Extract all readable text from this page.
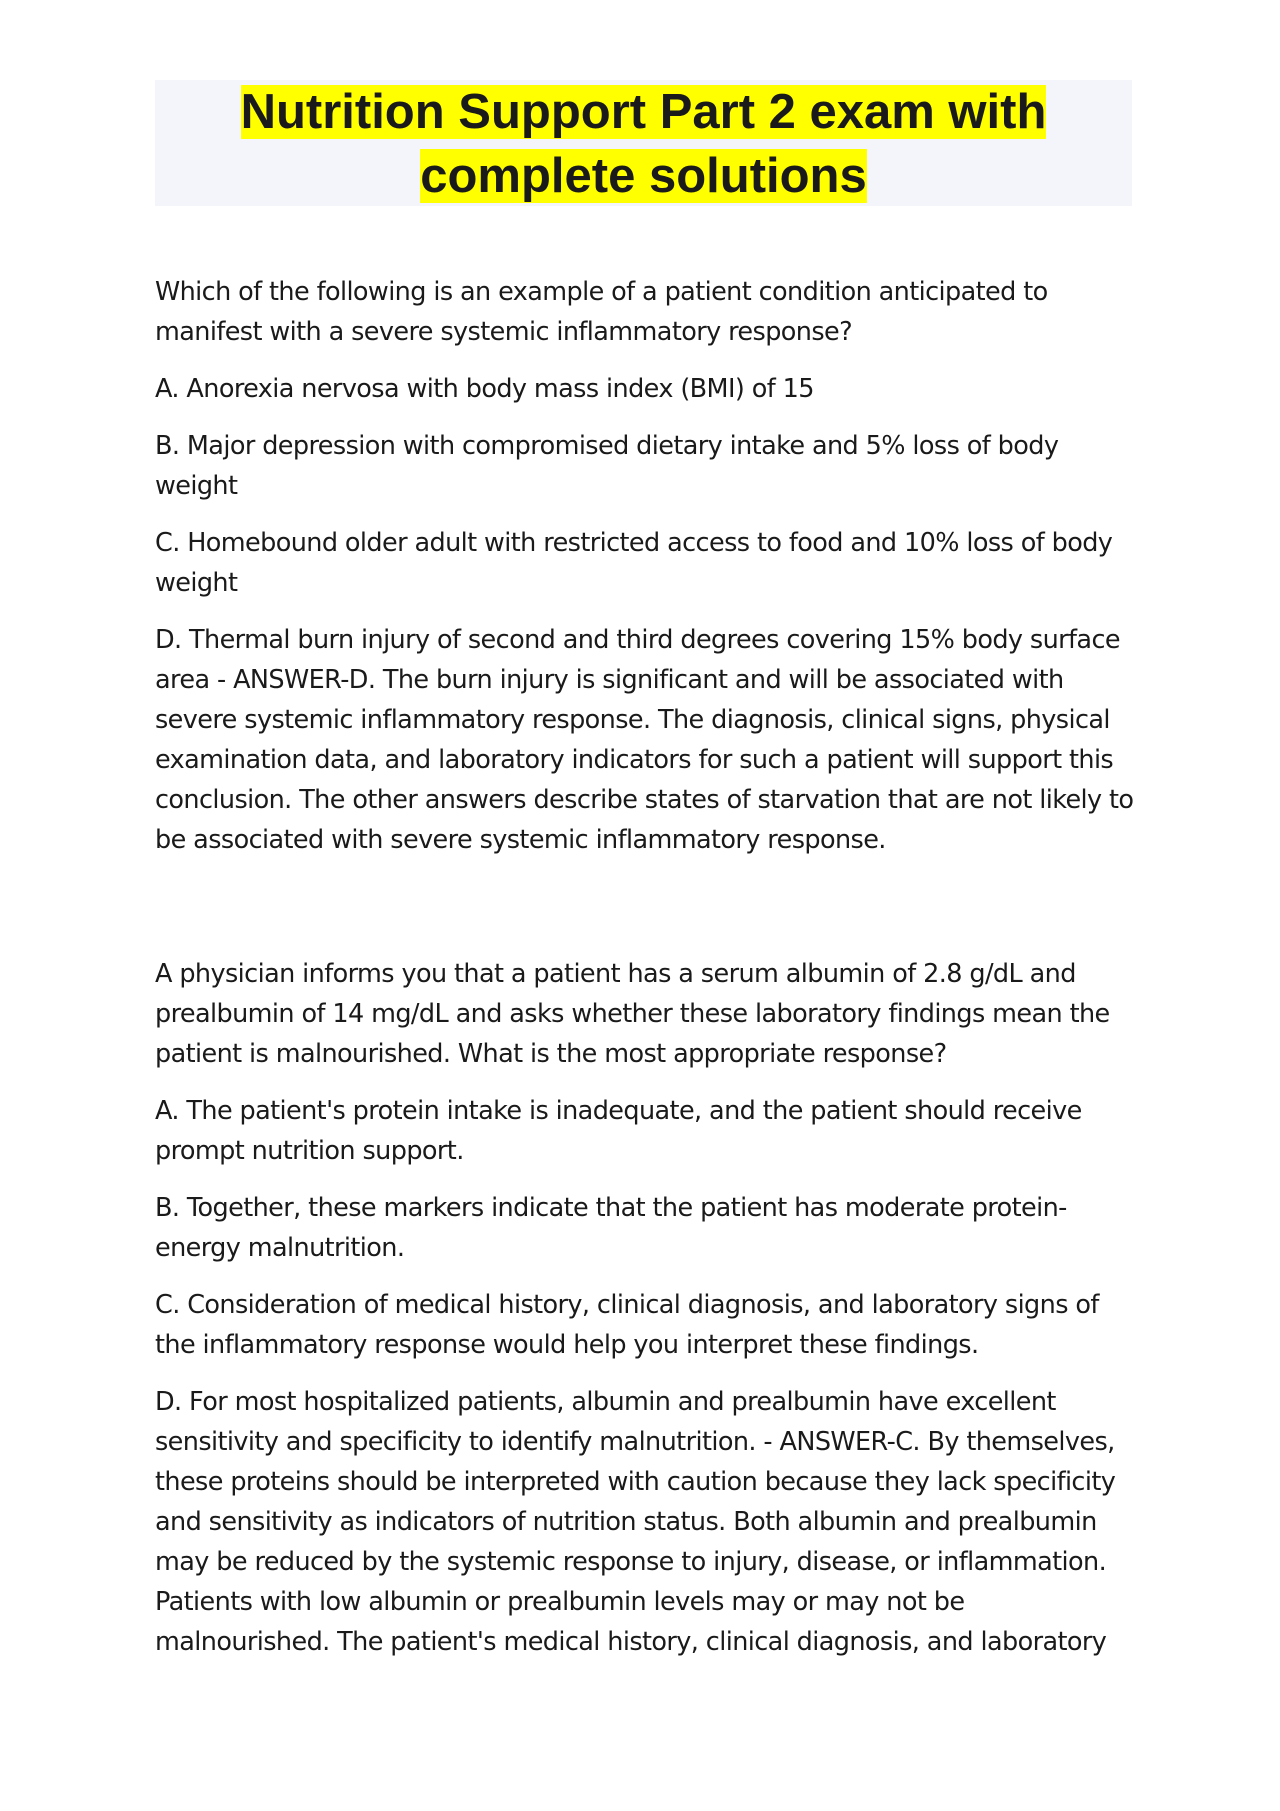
Nutrition Support Part 2 exam with
complete solutions

Which of the following is an example of a patient condition anticipated to manifest with a severe systemic inflammatory response?

A. Anorexia nervosa with body mass index (BMI) of 15

B. Major depression with compromised dietary intake and 5% loss of body weight

C. Homebound older adult with restricted access to food and 10% loss of body weight

D. Thermal burn injury of second and third degrees covering 15% body surface area - ANSWER-D. The burn injury is significant and will be associated with severe systemic inflammatory response. The diagnosis, clinical signs, physical examination data, and laboratory indicators for such a patient will support this conclusion. The other answers describe states of starvation that are not likely to be associated with severe systemic inflammatory response.

A physician informs you that a patient has a serum albumin of 2.8 g/dL and prealbumin of 14 mg/dL and asks whether these laboratory findings mean the patient is malnourished. What is the most appropriate response?

A. The patient's protein intake is inadequate, and the patient should receive prompt nutrition support.

B. Together, these markers indicate that the patient has moderate protein-energy malnutrition.

C. Consideration of medical history, clinical diagnosis, and laboratory signs of the inflammatory response would help you interpret these findings.

D. For most hospitalized patients, albumin and prealbumin have excellent sensitivity and specificity to identify malnutrition. - ANSWER-C. By themselves, these proteins should be interpreted with caution because they lack specificity and sensitivity as indicators of nutrition status. Both albumin and prealbumin may be reduced by the systemic response to injury, disease, or inflammation. Patients with low albumin or prealbumin levels may or may not be malnourished. The patient's medical history, clinical diagnosis, and laboratory
